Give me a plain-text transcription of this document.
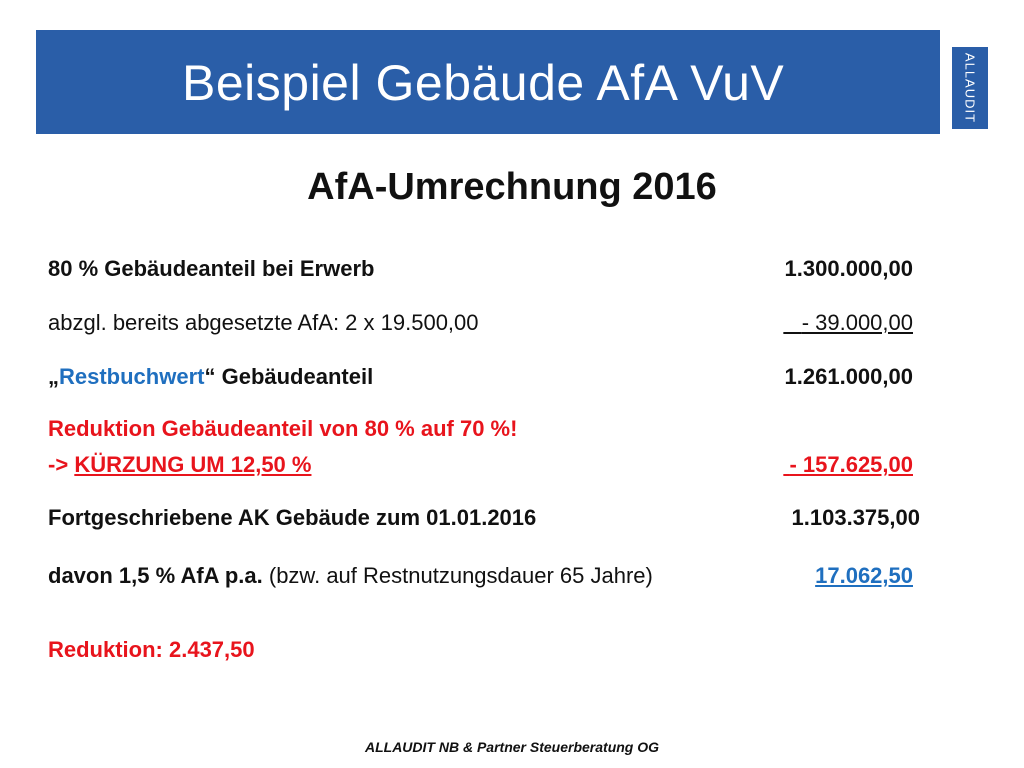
Beispiel Gebäude AfA VuV	ALLAUDIT
AfA-Umrechnung 2016
80 % Gebäudeanteil bei Erwerb	1.300.000,00
abzgl. bereits abgesetzte AfA: 2 x 19.500,00	- 39.000,00
„Restbuchwert“ Gebäudeanteil	1.261.000,00
Reduktion Gebäudeanteil von 80 % auf 70 %!
-> KÜRZUNG UM 12,50 %	- 157.625,00
Fortgeschriebene AK Gebäude zum 01.01.2016	1.103.375,00
davon 1,5 % AfA p.a. (bzw. auf Restnutzungsdauer 65 Jahre)	17.062,50
Reduktion: 2.437,50
ALLAUDIT NB & Partner Steuerberatung OG
